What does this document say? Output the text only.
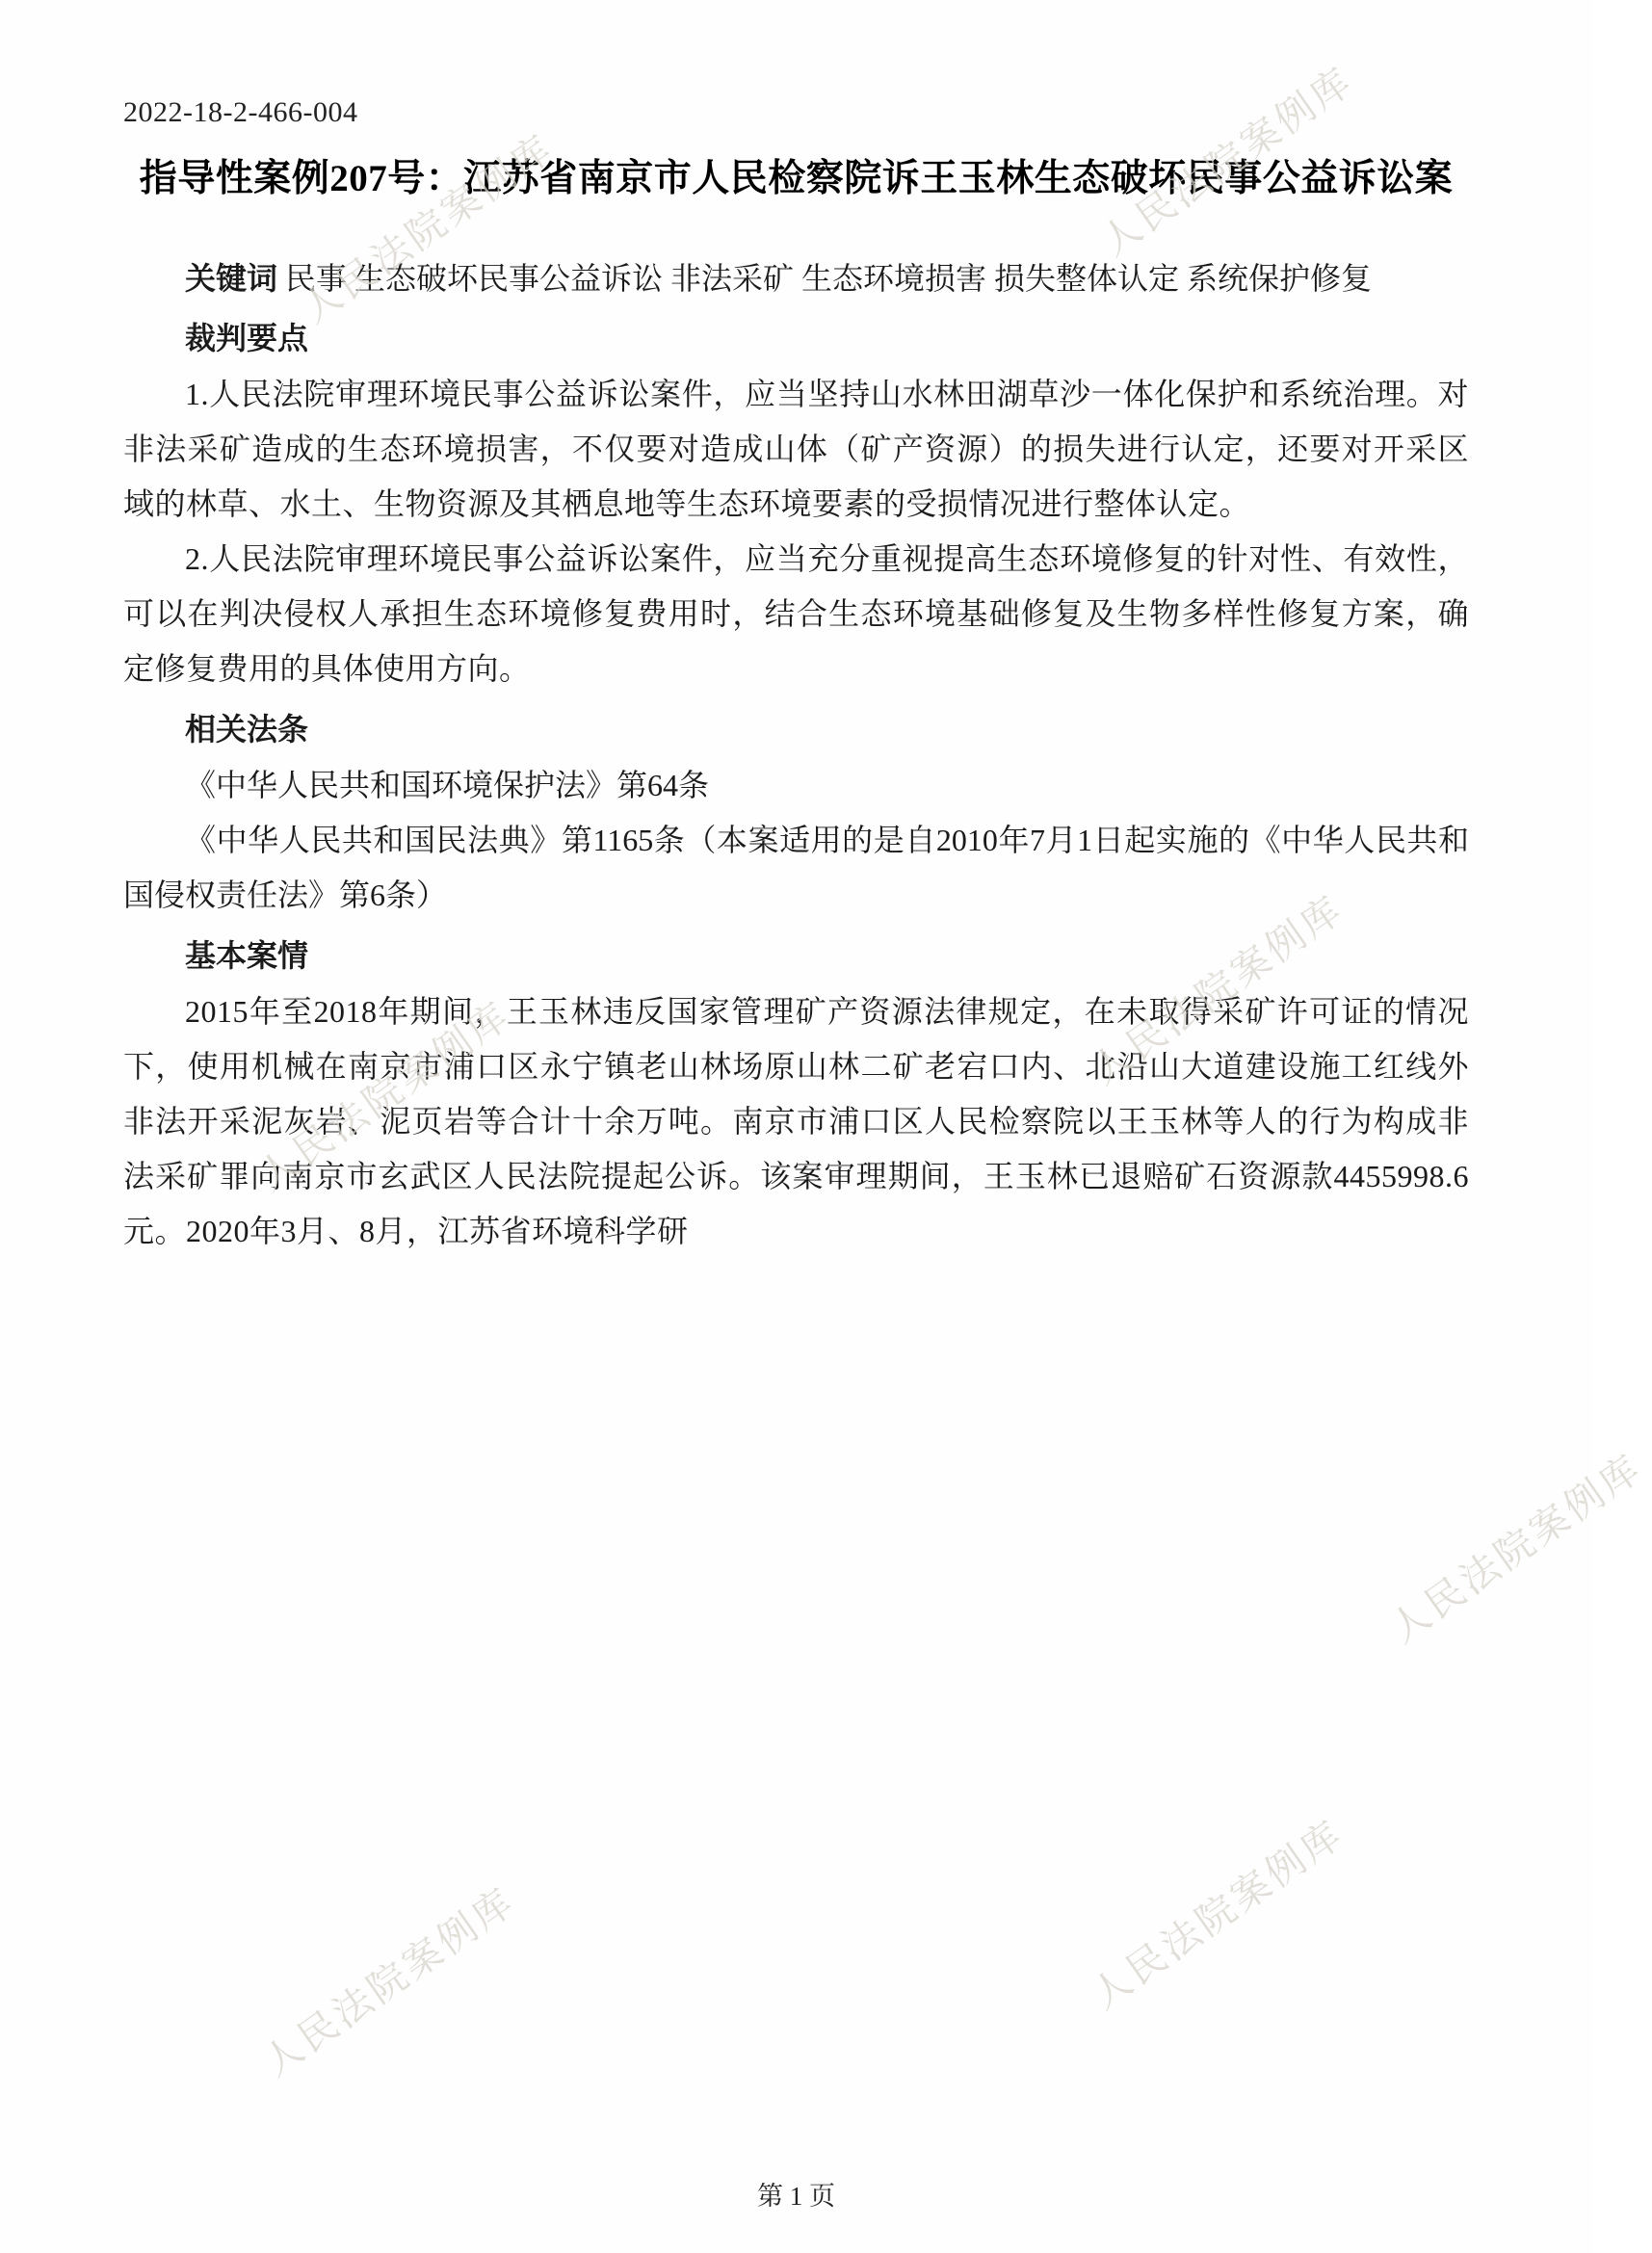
2022-18-2-466-004
指导性案例207号：江苏省南京市人民检察院诉王玉林生态破坏民事公益诉讼案

关键词 民事 生态破坏民事公益诉讼 非法采矿 生态环境损害 损失整体认定 系统保护修复

裁判要点

1.人民法院审理环境民事公益诉讼案件，应当坚持山水林田湖草沙一体化保护和系统治理。对非法采矿造成的生态环境损害，不仅要对造成山体（矿产资源）的损失进行认定，还要对开采区域的林草、水土、生物资源及其栖息地等生态环境要素的受损情况进行整体认定。

2.人民法院审理环境民事公益诉讼案件，应当充分重视提高生态环境修复的针对性、有效性，可以在判决侵权人承担生态环境修复费用时，结合生态环境基础修复及生物多样性修复方案，确定修复费用的具体使用方向。

相关法条

《中华人民共和国环境保护法》第64条

《中华人民共和国民法典》第1165条（本案适用的是自2010年7月1日起实施的《中华人民共和国侵权责任法》第6条）

基本案情

2015年至2018年期间，王玉林违反国家管理矿产资源法律规定，在未取得采矿许可证的情况下，使用机械在南京市浦口区永宁镇老山林场原山林二矿老宕口内、北沿山大道建设施工红线外非法开采泥灰岩、泥页岩等合计十余万吨。南京市浦口区人民检察院以王玉林等人的行为构成非法采矿罪向南京市玄武区人民法院提起公诉。该案审理期间，王玉林已退赔矿石资源款4455998.6元。2020年3月、8月，江苏省环境科学研

人民法院案例库	人民法院案例库
人民法院案例库
人民法院案例库
人民法院案例库
人民法院案例库	人民法院案例库
第 1 页
